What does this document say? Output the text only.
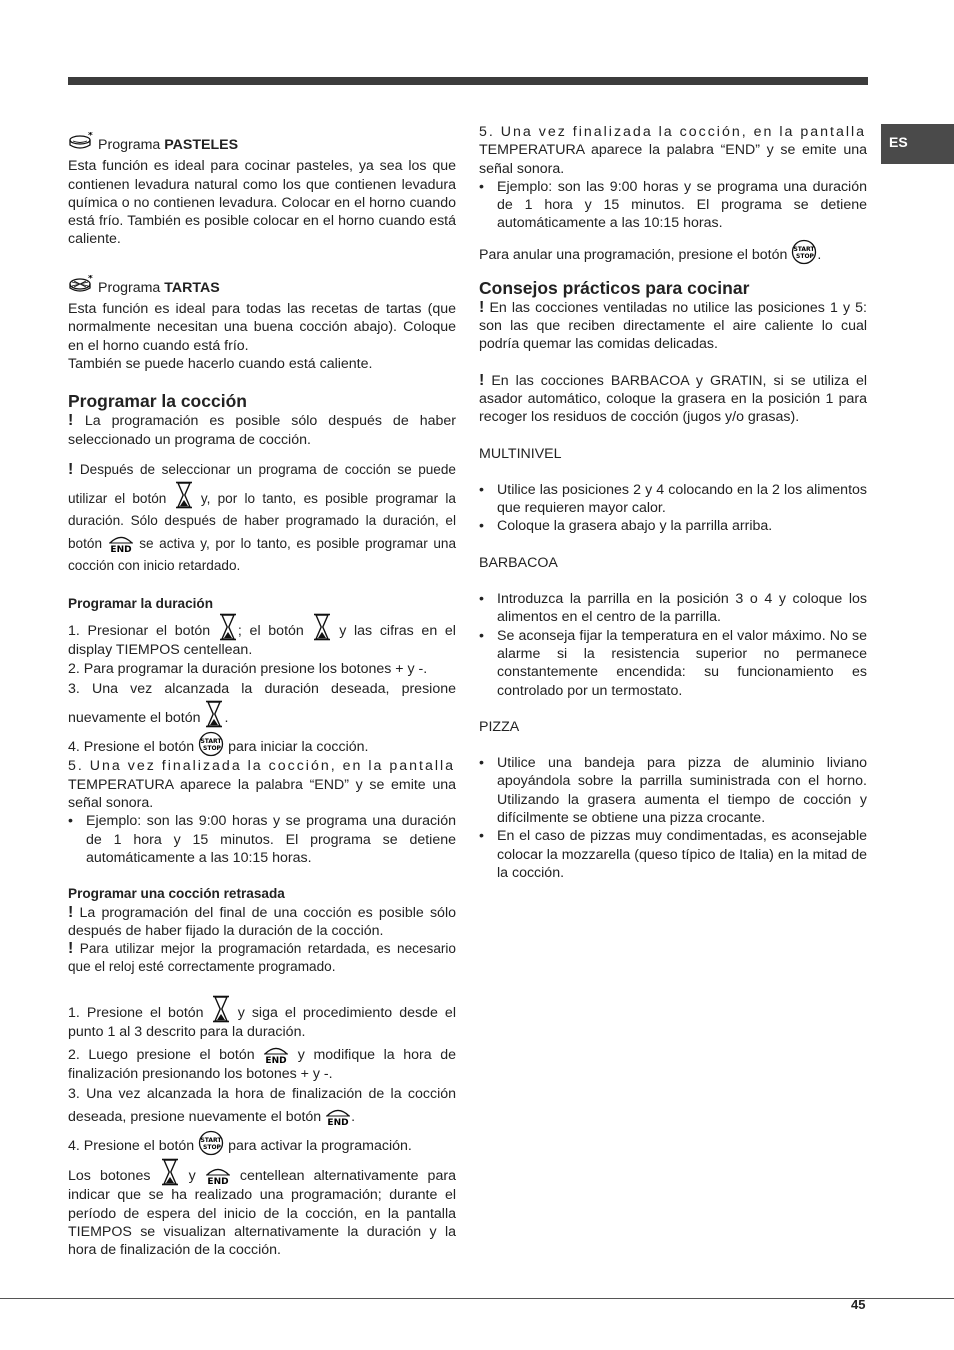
ES
*
Programa PASTELES

Esta función es ideal para cocinar pasteles, ya sea los que contienen levadura natural como los que contienen levadura química o no contienen levadura. Colocar en el horno cuando está frío. También es posible colocar en el horno cuando está caliente.

*
Programa TARTAS

Esta función es ideal para todas las recetas de tartas (que normalmente necesitan una buena cocción abajo). Coloque en el horno cuando está frío.

También se puede hacerlo cuando está caliente.

Programar la cocción

! La programación es posible sólo después de haber seleccionado un programa de cocción.

! Después de seleccionar un programa de cocción se puede utilizar el botón	y, por lo tanto, es posible programar la duración. Sólo después de haber programado la duración, el botón END se activa y, por lo tanto, es posible programar una cocción con inicio retardado.

Programar la duración

1. Presionar el botón ; el botón y las cifras en el display TIEMPOS centellean.

2. Para programar la duración presione los botones + y -.

3. Una vez alcanzada la duración deseada, presione nuevamente el botón .

4. Presione el botón START
STOP para iniciar la cocción.

5. Una vez finalizada la cocción, en la pantalla

TEMPERATURA aparece la palabra “END” y se emite una señal sonora.

• Ejemplo: son las 9:00 horas y se programa una duración de 1 hora y 15 minutos. El programa se detiene automáticamente a las 10:15 horas.

Programar una cocción retrasada

! La programación del final de una cocción es posible sólo después de haber fijado la duración de la cocción.

! Para utilizar mejor la programación retardada, es necesario que el reloj esté correctamente programado.

1. Presione el botón y siga el procedimiento desde el punto 1 al 3 descrito para la duración.

2. Luego presione el botón END y modifique la hora de finalización presionando los botones + y -.

3. Una vez alcanzada la hora de finalización de la cocción deseada, presione nuevamente el botón END .

4. Presione el botón START
STOP para activar la programación.

Los botones	y END centellean alternativamente para indicar que se ha realizado una programación; durante el período de espera del inicio de la cocción, en la pantalla TIEMPOS se visualizan alternativamente la duración y la hora de finalización de la cocción.

5. Una vez finalizada la cocción, en la pantalla

TEMPERATURA aparece la palabra “END” y se emite una señal sonora.

• Ejemplo: son las 9:00 horas y se programa una duración de 1 hora y 15 minutos. El programa se detiene automáticamente a las 10:15 horas.

Para anular una programación, presione el botón START
STOP .

Consejos prácticos para cocinar

! En las cocciones ventiladas no utilice las posiciones 1 y 5: son las que reciben directamente el aire caliente lo cual podría quemar las comidas delicadas.

! En las cocciones BARBACOA y GRATIN, si se utiliza el asador automático, coloque la grasera en la posición 1 para recoger los residuos de cocción (jugos y/o grasas).

MULTINIVEL

• Utilice las posiciones 2 y 4 colocando en la 2 los alimentos que requieren mayor calor.

• Coloque la grasera abajo y la parrilla arriba.

BARBACOA

• Introduzca la parrilla en la posición 3 o 4 y coloque los alimentos en el centro de la parrilla.

• Se aconseja fijar la temperatura en el valor máximo. No se alarme si la resistencia superior no permanece constantemente encendida: su funcionamiento es controlado por un termostato.

PIZZA

• Utilice una bandeja para pizza de aluminio liviano apoyándola sobre la parrilla suministrada con el horno. Utilizando la grasera aumenta el tiempo de cocción y difícilmente se obtiene una pizza crocante.

• En el caso de pizzas muy condimentadas, es aconsejable colocar la mozzarella (queso típico de Italia) en la mitad de la cocción.

45
